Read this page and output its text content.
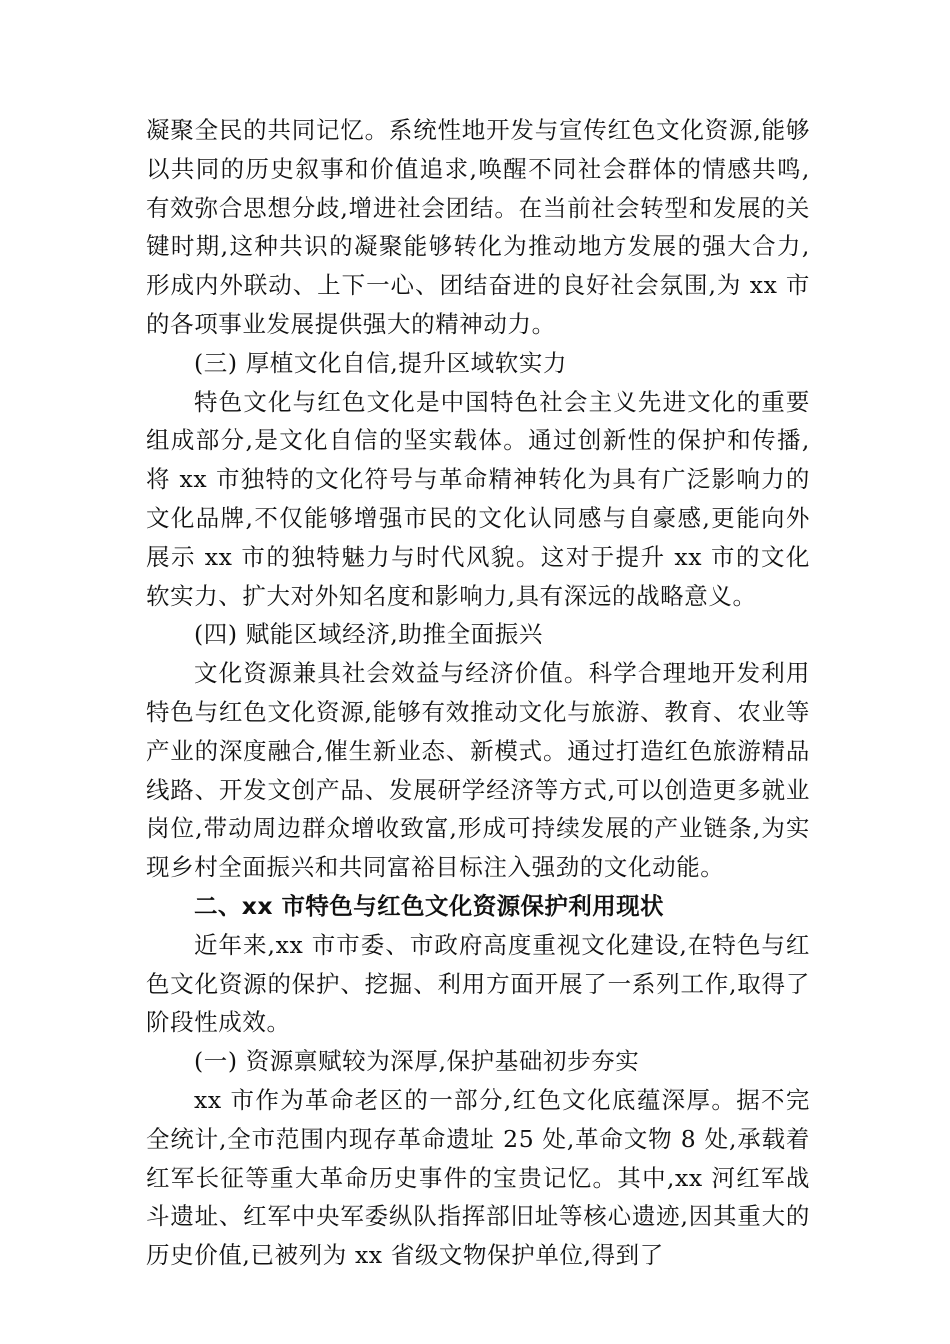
凝聚全民的共同记忆。系统性地开发与宣传红色文化资源,能够以共同的历史叙事和价值追求,唤醒不同社会群体的情感共鸣,有效弥合思想分歧,增进社会团结。在当前社会转型和发展的关键时期,这种共识的凝聚能够转化为推动地方发展的强大合力,形成内外联动、上下一心、团结奋进的良好社会氛围,为 xx 市的各项事业发展提供强大的精神动力。

(三) 厚植文化自信,提升区域软实力

特色文化与红色文化是中国特色社会主义先进文化的重要组成部分,是文化自信的坚实载体。通过创新性的保护和传播,将 xx 市独特的文化符号与革命精神转化为具有广泛影响力的文化品牌,不仅能够增强市民的文化认同感与自豪感,更能向外展示 xx 市的独特魅力与时代风貌。这对于提升 xx 市的文化软实力、扩大对外知名度和影响力,具有深远的战略意义。

(四) 赋能区域经济,助推全面振兴

文化资源兼具社会效益与经济价值。科学合理地开发利用特色与红色文化资源,能够有效推动文化与旅游、教育、农业等产业的深度融合,催生新业态、新模式。通过打造红色旅游精品线路、开发文创产品、发展研学经济等方式,可以创造更多就业岗位,带动周边群众增收致富,形成可持续发展的产业链条,为实现乡村全面振兴和共同富裕目标注入强劲的文化动能。

二、xx 市特色与红色文化资源保护利用现状

近年来,xx 市市委、市政府高度重视文化建设,在特色与红色文化资源的保护、挖掘、利用方面开展了一系列工作,取得了阶段性成效。

(一) 资源禀赋较为深厚,保护基础初步夯实

xx 市作为革命老区的一部分,红色文化底蕴深厚。据不完全统计,全市范围内现存革命遗址 25 处,革命文物 8 处,承载着红军长征等重大革命历史事件的宝贵记忆。其中,xx 河红军战斗遗址、红军中央军委纵队指挥部旧址等核心遗迹,因其重大的历史价值,已被列为 xx 省级文物保护单位,得到了
